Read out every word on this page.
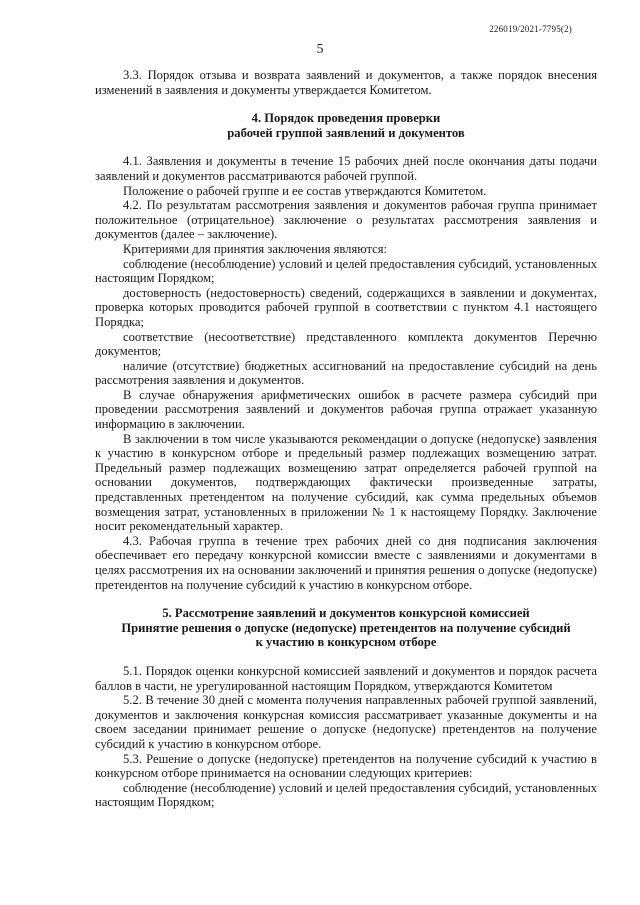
226019/2021-7795(2)
5

3.3. Порядок отзыва и возврата заявлений и документов, а также порядок внесения изменений в заявления и документы утверждается Комитетом.

4. Порядок проведения проверки
рабочей группой заявлений и документов

4.1. Заявления и документы в течение 15 рабочих дней после окончания даты подачи заявлений и документов рассматриваются рабочей группой.

Положение о рабочей группе и ее состав утверждаются Комитетом.

4.2. По результатам рассмотрения заявления и документов рабочая группа принимает положительное (отрицательное) заключение о результатах рассмотрения заявления и документов (далее – заключение).

Критериями для принятия заключения являются:

соблюдение (несоблюдение) условий и целей предоставления субсидий, установленных настоящим Порядком;

достоверность (недостоверность) сведений, содержащихся в заявлении и документах, проверка которых проводится рабочей группой в соответствии с пунктом 4.1 настоящего Порядка;

соответствие (несоответствие) представленного комплекта документов Перечню документов;

наличие (отсутствие) бюджетных ассигнований на предоставление субсидий на день рассмотрения заявления и документов.

В случае обнаружения арифметических ошибок в расчете размера субсидий при проведении рассмотрения заявлений и документов рабочая группа отражает указанную информацию в заключении.

В заключении в том числе указываются рекомендации о допуске (недопуске) заявления к участию в конкурсном отборе и предельный размер подлежащих возмещению затрат. Предельный размер подлежащих возмещению затрат определяется рабочей группой на основании документов, подтверждающих фактически произведенные затраты, представленных претендентом на получение субсидий, как сумма предельных объемов возмещения затрат, установленных в приложении № 1 к настоящему Порядку. Заключение носит рекомендательный характер.

4.3. Рабочая группа в течение трех рабочих дней со дня подписания заключения обеспечивает его передачу конкурсной комиссии вместе с заявлениями и документами в целях рассмотрения их на основании заключений и принятия решения о допуске (недопуске) претендентов на получение субсидий к участию в конкурсном отборе.

5. Рассмотрение заявлений и документов конкурсной комиссией
Принятие решения о допуске (недопуске) претендентов на получение субсидий
к участию в конкурсном отборе

5.1. Порядок оценки конкурсной комиссией заявлений и документов и порядок расчета баллов в части, не урегулированной настоящим Порядком, утверждаются Комитетом

5.2. В течение 30 дней с момента получения направленных рабочей группой заявлений, документов и заключения конкурсная комиссия рассматривает указанные документы и на своем заседании принимает решение о допуске (недопуске) претендентов на получение субсидий к участию в конкурсном отборе.

5.3. Решение о допуске (недопуске) претендентов на получение субсидий к участию в конкурсном отборе принимается на основании следующих критериев:

соблюдение (несоблюдение) условий и целей предоставления субсидий, установленных настоящим Порядком;
